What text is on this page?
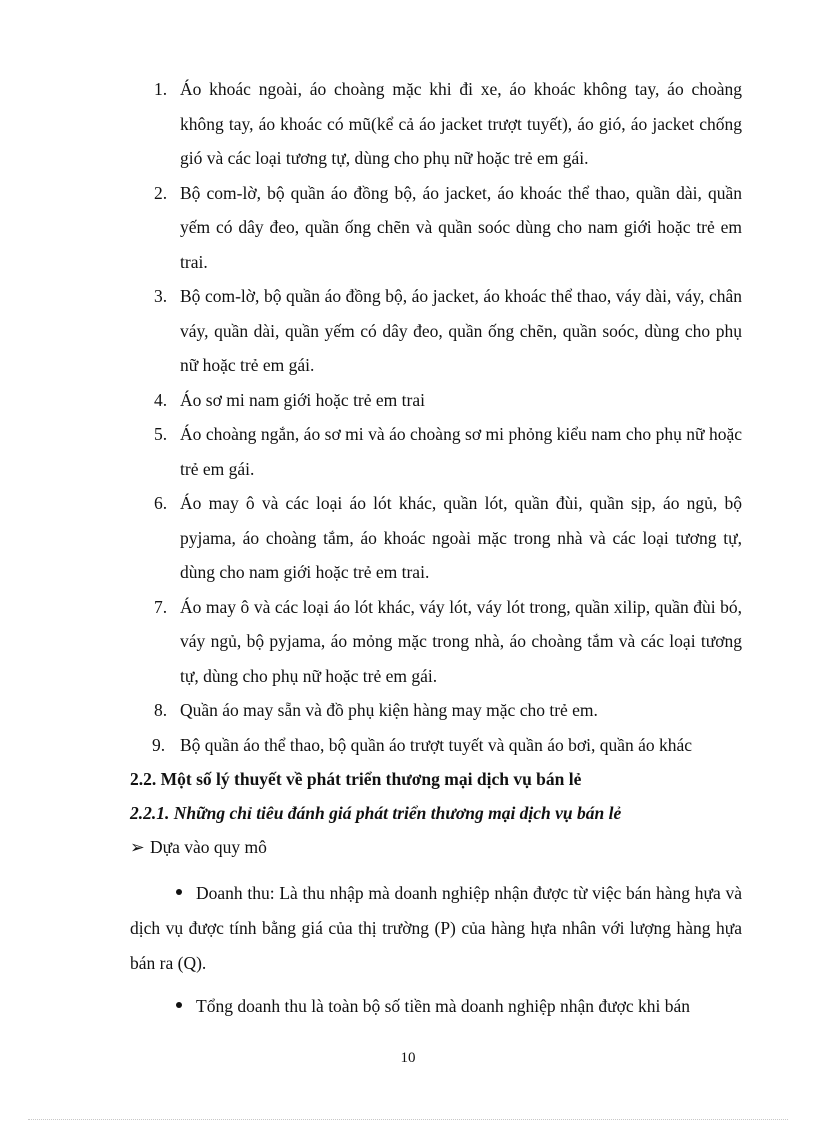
1. Áo khoác ngoài, áo choàng mặc khi đi xe, áo khoác không tay, áo choàng không tay, áo khoác có mũ(kể cả áo jacket trượt tuyết), áo gió, áo jacket chống gió và các loại tương tự, dùng cho phụ nữ hoặc trẻ em gái.
2. Bộ com-lờ, bộ quần áo đồng bộ, áo jacket, áo khoác thể thao, quần dài, quần yếm có dây đeo, quần ống chẽn và quần soóc dùng cho nam giới hoặc trẻ em trai.
3. Bộ com-lờ, bộ quần áo đồng bộ, áo jacket, áo khoác thể thao, váy dài, váy, chân váy, quần dài, quần yếm có dây đeo, quần ống chẽn, quần soóc, dùng cho phụ nữ hoặc trẻ em gái.
4. Áo sơ mi nam giới hoặc trẻ em trai
5. Áo choàng ngắn, áo sơ mi và áo choàng sơ mi phỏng kiểu nam cho phụ nữ hoặc trẻ em gái.
6. Áo may ô và các loại áo lót khác, quần lót, quần đùi, quần sịp, áo ngủ, bộ pyjama, áo choàng tắm, áo khoác ngoài mặc trong nhà và các loại tương tự, dùng cho nam giới hoặc trẻ em trai.
7. Áo may ô và các loại áo lót khác, váy lót, váy lót trong, quần xilip, quần đùi bó, váy ngủ, bộ pyjama, áo mỏng mặc trong nhà, áo choàng tắm và các loại tương tự, dùng cho phụ nữ hoặc trẻ em gái.
8. Quần áo may sẵn và đồ phụ kiện hàng may mặc cho trẻ em.
9. Bộ quần áo thể thao, bộ quần áo trượt tuyết và quần áo bơi, quần áo khác
2.2. Một số lý thuyết về phát triển thương mại dịch vụ bán lẻ
2.2.1. Những chỉ tiêu đánh giá phát triển thương mại dịch vụ bán lẻ
➢ Dựa vào quy mô
Doanh thu: Là thu nhập mà doanh nghiệp nhận được từ việc bán hàng hựa và dịch vụ được tính bằng giá của thị trường (P) của hàng hựa nhân với lượng hàng hựa bán ra (Q).
Tổng doanh thu là toàn bộ số tiền mà doanh nghiệp nhận được khi bán
10
